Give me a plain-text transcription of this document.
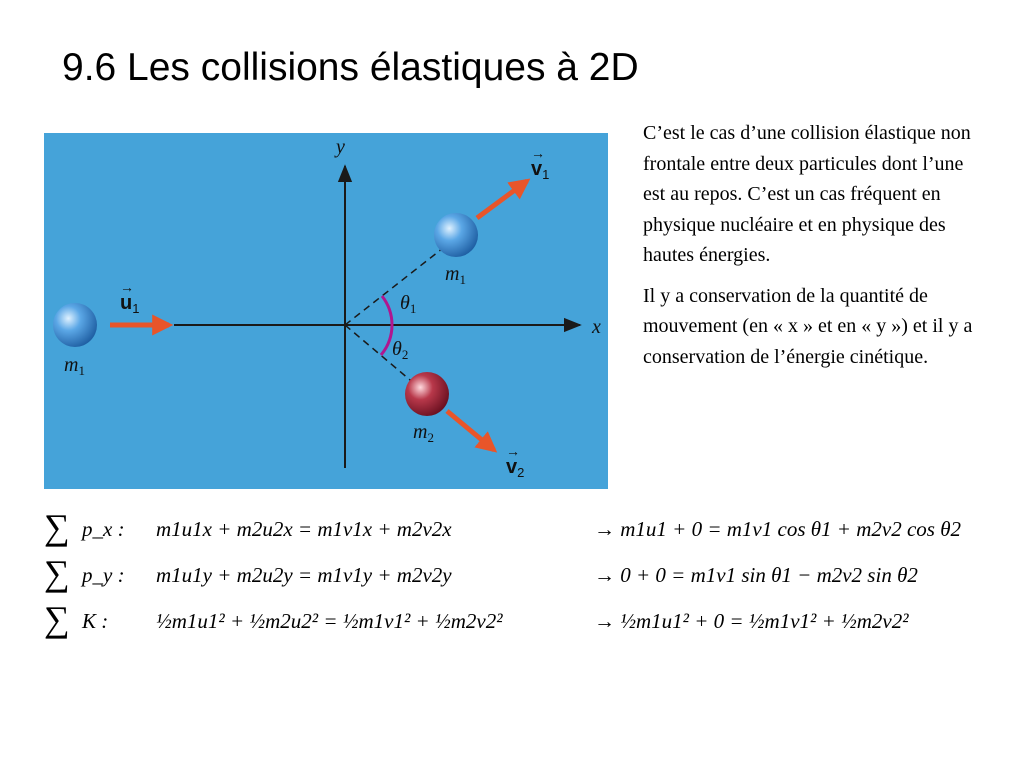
9.6 Les collisions élastiques à 2D
x
y
$\theta_1$
$\theta_2$
$m_1$
$u_1$
→
$m_1$
$v_1$
→
$m_2$
$v_2$
→

C’est le cas d’une collision élastique non frontale entre deux particules dont l’une est au repos. C’est un cas fréquent en physique nucléaire et en physique des hautes énergies.

Il y a conservation de la quantité de mouvement (en « x » et en « y ») et il y a conservation de l’énergie cinétique.

∑ p_x : m1u1x + m2u2x = m1v1x + m2v2x	→ m1u1 + 0 = m1v1 cos θ1 + m2v2 cos θ2
∑ p_y : m1u1y + m2u2y = m1v1y + m2v2y	→ 0 + 0 = m1v1 sin θ1 − m2v2 sin θ2
∑ K : ½m1u1² + ½m2u2² = ½m1v1² + ½m2v2²	→ ½m1u1² + 0 = ½m1v1² + ½m2v2²
